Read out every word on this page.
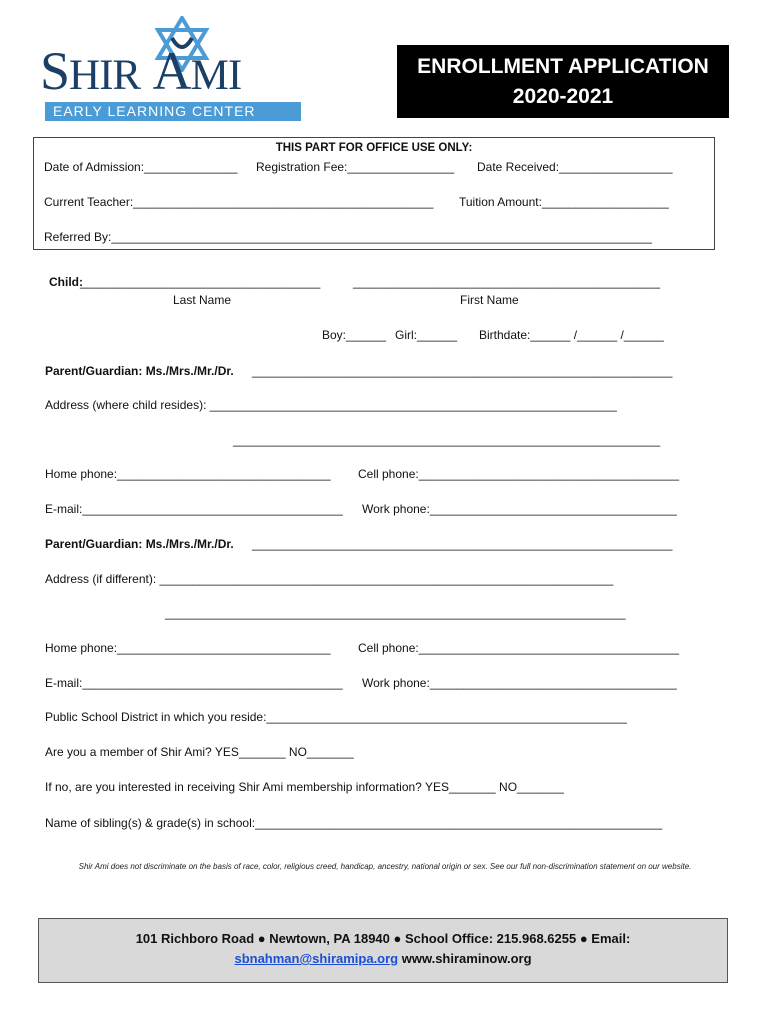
SHIR AMI
EARLY LEARNING CENTER
ENROLLMENT APPLICATION
2020-2021
THIS PART FOR OFFICE USE ONLY:
Date of Admission:______________ Registration Fee:________________ Date Received:_________________
Current Teacher:_____________________________________________ Tuition Amount:___________________
Referred By:_________________________________________________________________________________
Child:
____________________________________	______________________________________________
Last Name	First Name
Boy:______ Girl:______ Birthdate:______ /______ /______
Parent/Guardian: Ms./Mrs./Mr./Dr. _______________________________________________________________
Address (where child resides): _____________________________________________________________
________________________________________________________________
Home phone:________________________________ Cell phone:_______________________________________
E-mail:_______________________________________ Work phone:_____________________________________
Parent/Guardian: Ms./Mrs./Mr./Dr. _______________________________________________________________
Address (if different): ____________________________________________________________________
_____________________________________________________________________
Home phone:________________________________ Cell phone:_______________________________________
E-mail:_______________________________________ Work phone:_____________________________________
Public School District in which you reside:______________________________________________________
Are you a member of Shir Ami? YES_______ NO_______
If no, are you interested in receiving Shir Ami membership information? YES_______ NO_______
Name of sibling(s) & grade(s) in school:_____________________________________________________________
Shir Ami does not discriminate on the basis of race, color, religious creed, handicap, ancestry, national origin or sex. See our full non-discrimination statement on our website.
101 Richboro Road ● Newtown, PA 18940 ● School Office: 215.968.6255 ● Email:
sbnahman@shiramipa.org www.shiraminow.org
